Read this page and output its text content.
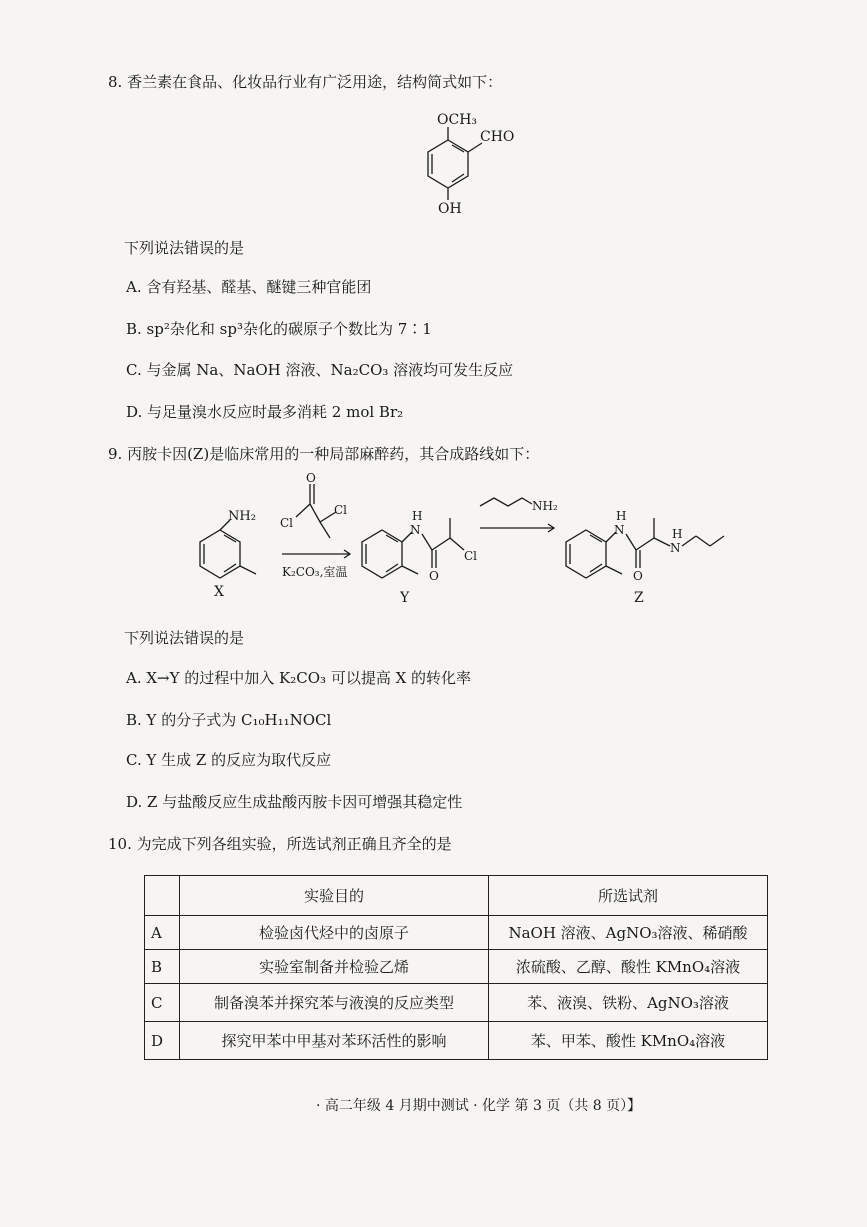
8. 香兰素在食品、化妆品行业有广泛用途，结构简式如下：
OCH₃
CHO
OH
下列说法错误的是
A. 含有羟基、醛基、醚键三种官能团
B. sp²杂化和 sp³杂化的碳原子个数比为 7∶1
C. 与金属 Na、NaOH 溶液、Na₂CO₃ 溶液均可发生反应
D. 与足量溴水反应时最多消耗 2 mol Br₂
9. 丙胺卡因(Z)是临床常用的一种局部麻醉药，其合成路线如下：
NH₂
X
O
Cl
Cl
K₂CO₃,室温
H
N
O
Cl
Y
NH₂
H
N
O
N
H
Z
下列说法错误的是
A. X→Y 的过程中加入 K₂CO₃ 可以提高 X 的转化率
B. Y 的分子式为 C₁₀H₁₁NOCl
C. Y 生成 Z 的反应为取代反应
D. Z 与盐酸反应生成盐酸丙胺卡因可增强其稳定性
10. 为完成下列各组实验，所选试剂正确且齐全的是
	实验目的	所选试剂
A	检验卤代烃中的卤原子	NaOH 溶液、AgNO₃溶液、稀硝酸
B	实验室制备并检验乙烯	浓硫酸、乙醇、酸性 KMnO₄溶液
C	制备溴苯并探究苯与液溴的反应类型	苯、液溴、铁粉、AgNO₃溶液
D	探究甲苯中甲基对苯环活性的影响	苯、甲苯、酸性 KMnO₄溶液
· 高二年级 4 月期中测试 · 化学 第 3 页（共 8 页）】
